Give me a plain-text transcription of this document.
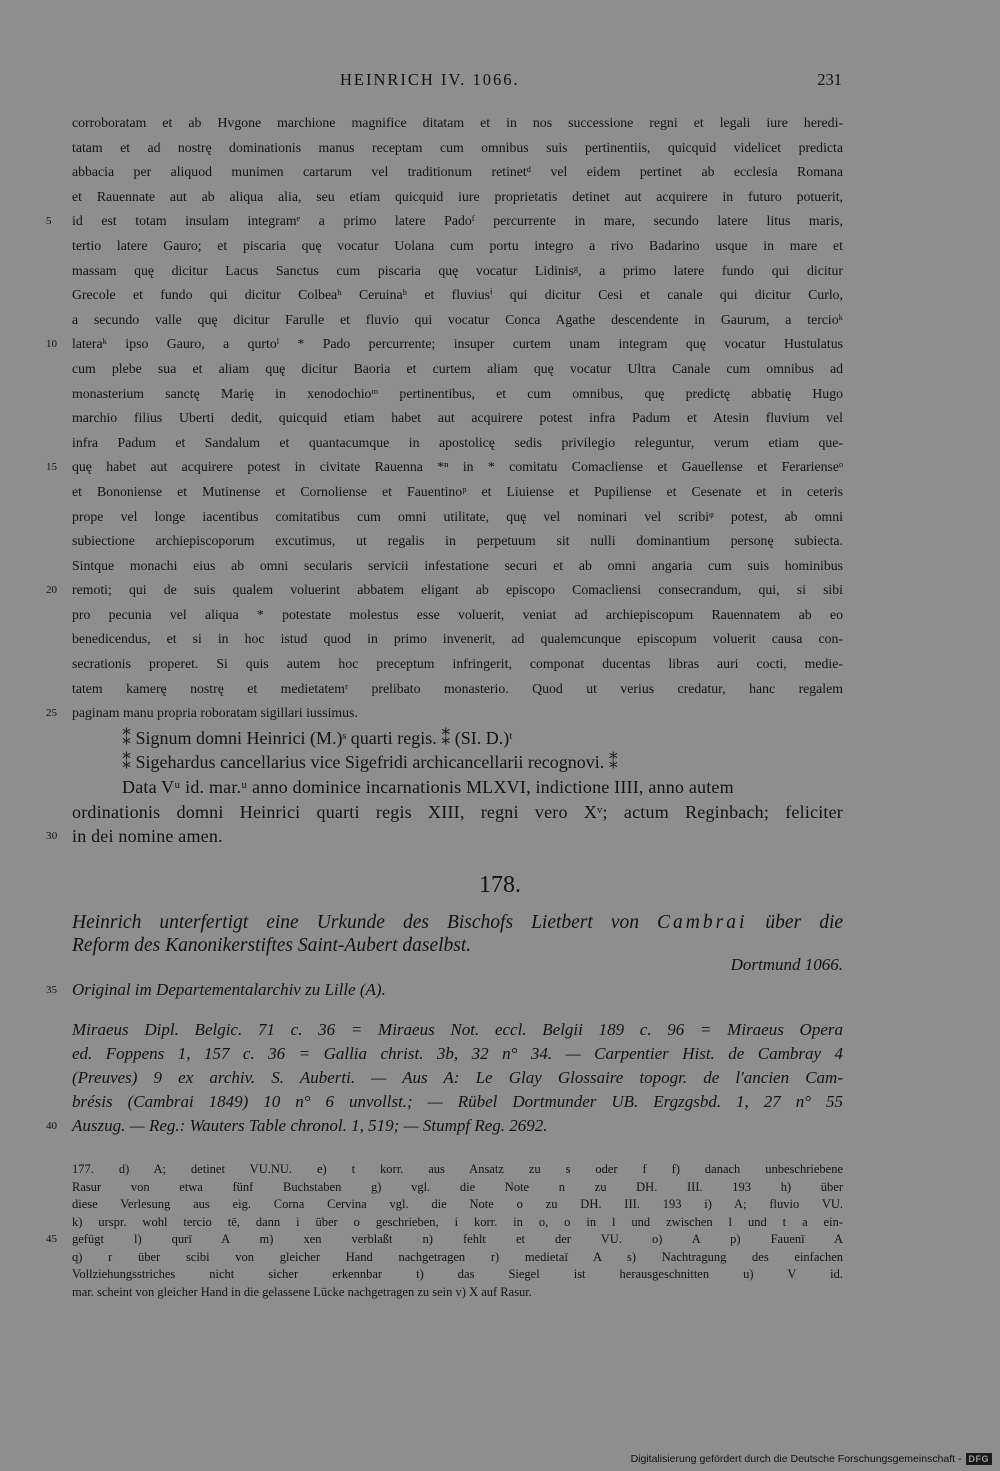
HEINRICH IV. 1066.	231
corroboratam et ab Hvgone marchione magnifice ditatam et in nos successione regni et legali iure heredi-
tatam et ad nostrę dominationis manus receptam cum omnibus suis pertinentiis, quicquid videlicet predicta
abbacia per aliquod munimen cartarum vel traditionum retinetᵈ vel eidem pertinet ab ecclesia Romana
et Rauennate aut ab aliqua alia, seu etiam quicquid iure proprietatis detinet aut acquirere in futuro potuerit,
5	id est totam insulam integramᵉ a primo latere Padoᶠ percurrente in mare, secundo latere litus maris,
tertio latere Gauro; et piscaria quę vocatur Uolana cum portu integro a rivo Badarino usque in mare et
massam quę dicitur Lacus Sanctus cum piscaria quę vocatur Lidinisᵍ, a primo latere fundo qui dicitur
Grecole et fundo qui dicitur Colbeaʰ Ceruinaʰ et fluviusⁱ qui dicitur Cesi et canale qui dicitur Curlo,
a secundo valle quę dicitur Farulle et fluvio qui vocatur Conca Agathe descendente in Gaurum, a tercioᵏ
10	lateraᵏ ipso Gauro, a qurtoˡ * Pado percurrente; insuper curtem unam integram quę vocatur Hustulatus
cum plebe sua et aliam quę dicitur Baoria et curtem aliam quę vocatur Ultra Canale cum omnibus ad
monasterium sanctę Marię in xenodochioᵐ pertinentibus, et cum omnibus, quę predictę abbatię Hugo
marchio filius Uberti dedit, quicquid etiam habet aut acquirere potest infra Padum et Atesin fluvium vel
infra Padum et Sandalum et quantacumque in apostolicę sedis privilegio releguntur, verum etiam que-
15	quę habet aut acquirere potest in civitate Rauenna *ⁿ in * comitatu Comacliense et Gauellense et Ferarienseᵒ
et Bononiense et Mutinense et Cornoliense et Fauentinoᵖ et Liuiense et Pupiliense et Cesenate et in ceteris
prope vel longe iacentibus comitatibus cum omni utilitate, quę vel nominari vel scribiᵠ potest, ab omni
subiectione archiepiscoporum excutimus, ut regalis in perpetuum sit nulli dominantium personę subiecta.
Sintque monachi eius ab omni secularis servicii infestatione securi et ab omni angaria cum suis hominibus
20	remoti; qui de suis qualem voluerint abbatem eligant ab episcopo Comacliensi consecrandum, qui, si sibi
pro pecunia vel aliqua * potestate molestus esse voluerit, veniat ad archiepiscopum Rauennatem ab eo
benedicendus, et si in hoc istud quod in primo invenerit, ad qualemcunque episcopum voluerit causa con-
secrationis properet. Si quis autem hoc preceptum infringerit, componat ducentas libras auri cocti, medie-
tatem kamerę nostrę et medietatemʳ prelibato monasterio. Quod ut verius credatur, hanc regalem
25	paginam manu propria roboratam sigillari iussimus.
⁑ Signum domni Heinrici (M.)ˢ quarti regis. ⁑ (SI. D.)ᵗ
⁑ Sigehardus cancellarius vice Sigefridi archicancellarii recognovi. ⁑
Data Vᵘ id. mar.ᵘ anno dominice incarnationis MLXVI, indictione IIII, anno autem
ordinationis domni Heinrici quarti regis XIII, regni vero Xᵛ; actum Reginbach; feliciter
30 in dei nomine amen.
178.
Heinrich unterfertigt eine Urkunde des Bischofs Lietbert von Cambrai über die
Reform des Kanonikerstiftes Saint-Aubert daselbst.
Dortmund 1066.
35 Original im Departementalarchiv zu Lille (A).
Miraeus Dipl. Belgic. 71 c. 36 = Miraeus Not. eccl. Belgii 189 c. 96 = Miraeus Opera
ed. Foppens 1, 157 c. 36 = Gallia christ. 3b, 32 n° 34. — Carpentier Hist. de Cambray 4
(Preuves) 9 ex archiv. S. Auberti. — Aus A: Le Glay Glossaire topogr. de l'ancien Cam-
brésis (Cambrai 1849) 10 n° 6 unvollst.; — Rübel Dortmunder UB. Ergzgsbd. 1, 27 n° 55
40 Auszug. — Reg.: Wauters Table chronol. 1, 519; — Stumpf Reg. 2692.
177. d) A; detinet VU.NU. e) t korr. aus Ansatz zu s oder f f) danach unbeschriebene
Rasur von etwa fünf Buchstaben g) vgl. die Note n zu DH. III. 193 h) über
diese Verlesung aus eig. Corna Cervina vgl. die Note o zu DH. III. 193 i) A; fluvio VU.
k) urspr. wohl tercio tē, dann i über o geschrieben, i korr. in o, o in l und zwischen l und t a ein-
45 gefügt l) qurī A m) xen verblaßt n) fehlt et der VU. o) A p) Fauenī A
q) r über scibi von gleicher Hand nachgetragen r) medietaī A s) Nachtragung des einfachen
Vollziehungsstriches nicht sicher erkennbar t) das Siegel ist herausgeschnitten u) V id.
mar. scheint von gleicher Hand in die gelassene Lücke nachgetragen zu sein v) X auf Rasur.
Digitalisierung gefördert durch die Deutsche Forschungsgemeinschaft - DFG
